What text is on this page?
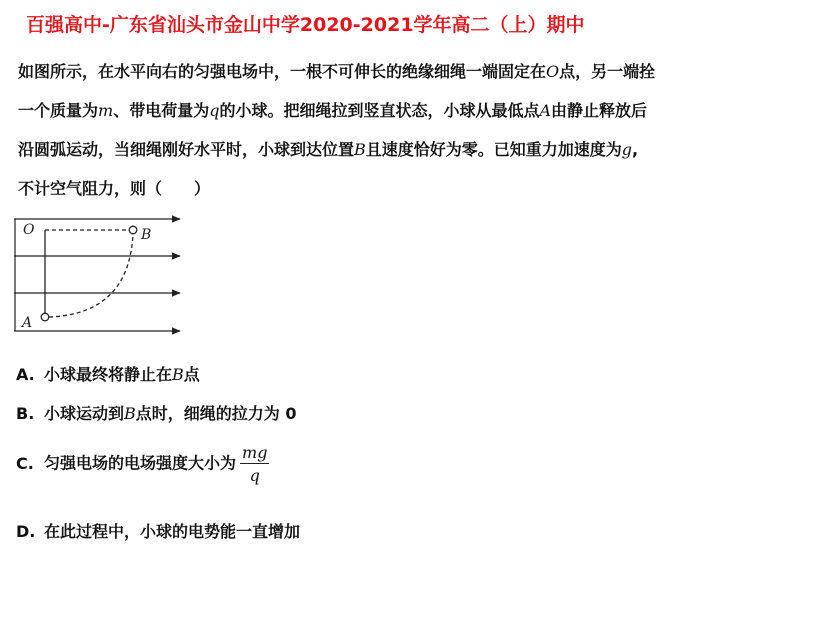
百强高中-广东省汕头市金山中学2020-2021学年高二（上）期中

如图所示，在水平向右的匀强电场中，一根不可伸长的绝缘细绳一端固定在O点，另一端拴

一个质量为m、带电荷量为q的小球。把细绳拉到竖直状态，小球从最低点A由静止释放后

沿圆弧运动，当细绳刚好水平时，小球到达位置B且速度恰好为零。已知重力加速度为g,

不计空气阻力，则（　　）

O	B
A
A. 小球最终将静止在B点
B. 小球运动到B点时，细绳的拉力为 0
C. 匀强电场的电场强度大小为 $\frac{mg}{q}$
D. 在此过程中，小球的电势能一直增加
